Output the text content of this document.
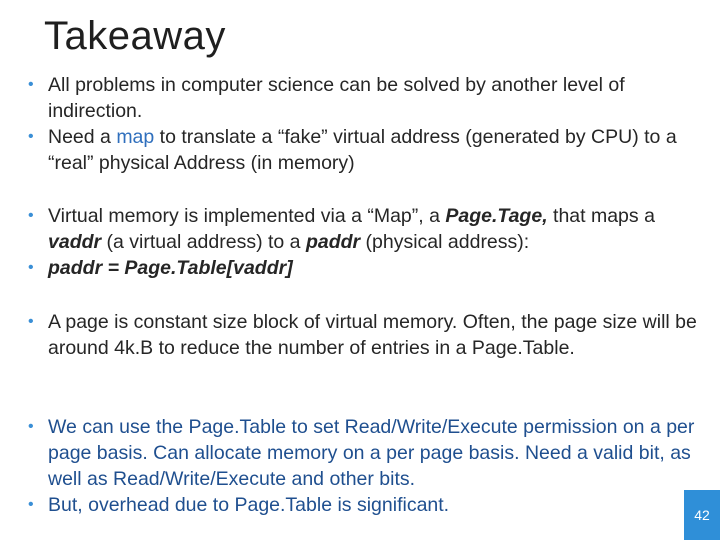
Takeaway
• All problems in computer science can be solved by another level of indirection.
• Need a map to translate a “fake” virtual address (generated by CPU) to a “real” physical Address (in memory)
• Virtual memory is implemented via a “Map”, a Page.Tage, that maps a vaddr (a virtual address) to a paddr (physical address):
• paddr = Page.Table[vaddr]
• A page is constant size block of virtual memory. Often, the page size will be around 4k.B to reduce the number of entries in a Page.Table.
• We can use the Page.Table to set Read/Write/Execute permission on a per page basis. Can allocate memory on a per page basis. Need a valid bit, as well as Read/Write/Execute and other bits.
• But, overhead due to Page.Table is significant.	42
